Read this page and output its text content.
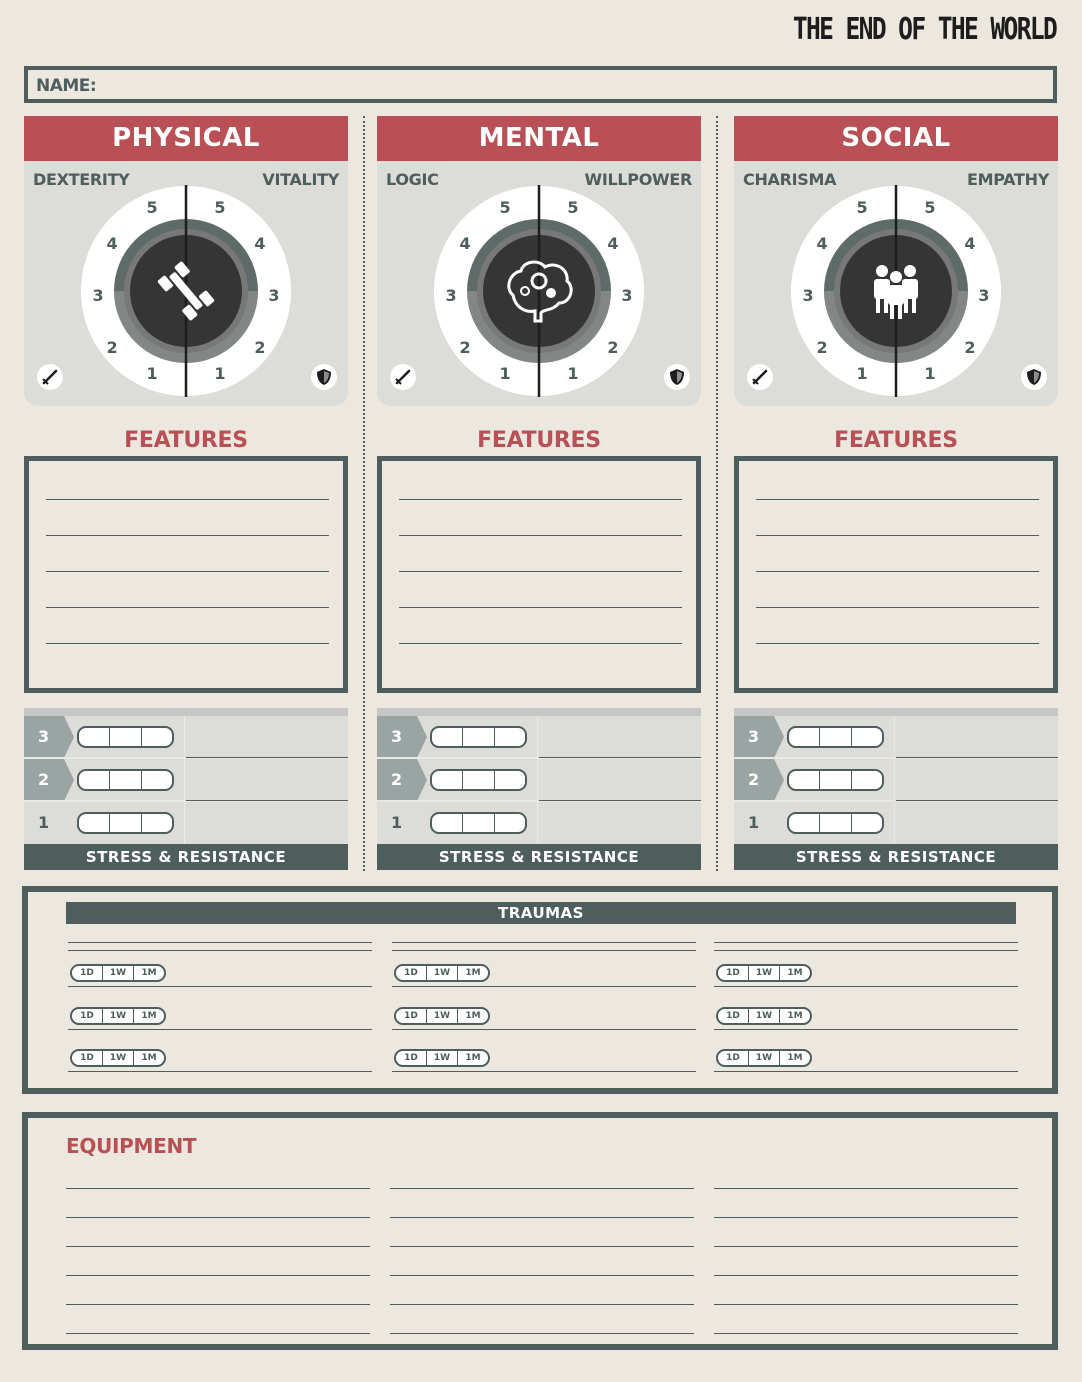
THE END OF THE WORLD
NAME:
PHYSICAL
DEXTERITY	VITALITY
1	1
2	2
3	3
4	4
5	5
FEATURES
3
2
1
STRESS & RESISTANCE
MENTAL
LOGIC	WILLPOWER
1	1
2	2
3	3
4	4
5	5
FEATURES
3
2
1
STRESS & RESISTANCE
SOCIAL
CHARISMA	EMPATHY
1	1
2	2
3	3
4	4
5	5
FEATURES
3
2
1
STRESS & RESISTANCE
TRAUMAS
1D	1W	1M
1D	1W	1M
1D	1W	1M
1D	1W	1M
1D	1W	1M
1D	1W	1M
1D	1W	1M
1D	1W	1M
1D	1W	1M
EQUIPMENT
